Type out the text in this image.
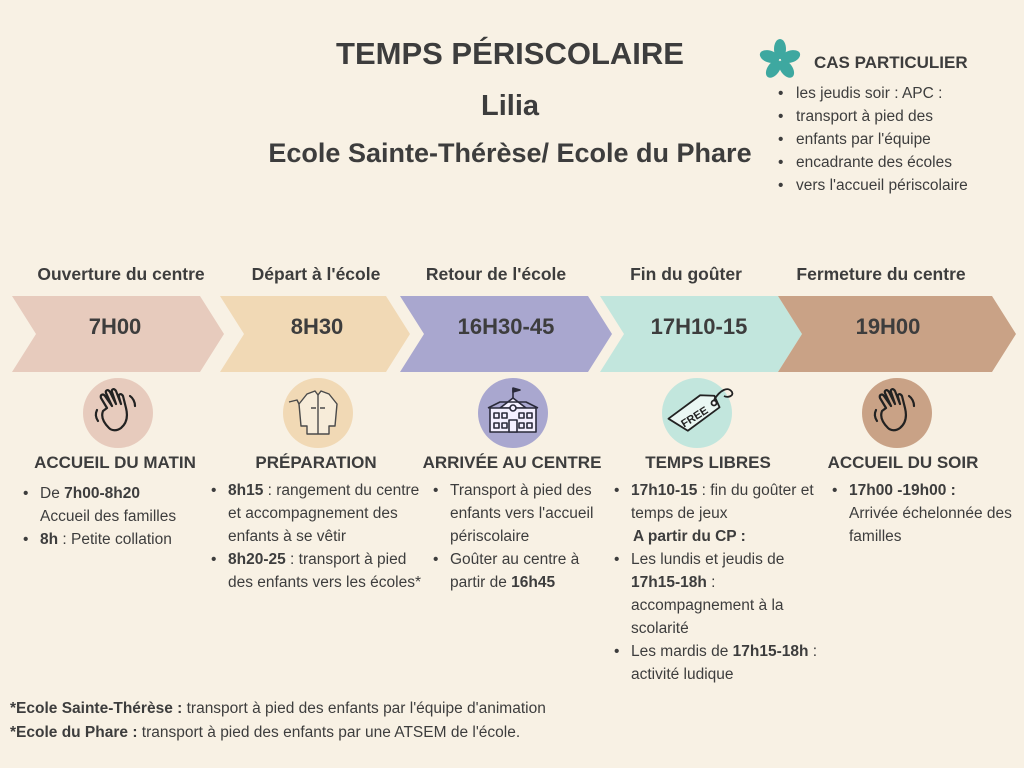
TEMPS PÉRISCOLAIRE
Lilia
Ecole Sainte-Thérèse/ Ecole du Phare
CAS PARTICULIER
• les jeudis soir : APC :
• transport à pied des
• enfants par l'équipe
• encadrante des écoles
• vers l'accueil périscolaire
Ouverture du centre	Départ à l'école	Retour de l'école	Fin du goûter	Fermeture du centre
7H00	8H30	16H30-45	17H10-15	19H00
FREE
ACCUEIL DU MATIN	PRÉPARATION	ARRIVÉE AU CENTRE	TEMPS LIBRES	ACCUEIL DU SOIR
• De 7h00-8h20
Accueil des familles
• 8h : Petite collation
• 8h15 : rangement du centre et accompagnement des enfants à se vêtir
• 8h20-25 : transport à pied des enfants vers les écoles*
• Transport à pied des enfants vers l'accueil périscolaire
• Goûter au centre à partir de 16h45
• 17h10-15 : fin du goûter et temps de jeux
A partir du CP :
• Les lundis et jeudis de 17h15-18h : accompagnement à la scolarité
• Les mardis de 17h15-18h : activité ludique
• 17h00 -19h00 :
Arrivée échelonnée des familles
*Ecole Sainte-Thérèse : transport à pied des enfants par l'équipe d'animation
*Ecole du Phare : transport à pied des enfants par une ATSEM de l'école.
